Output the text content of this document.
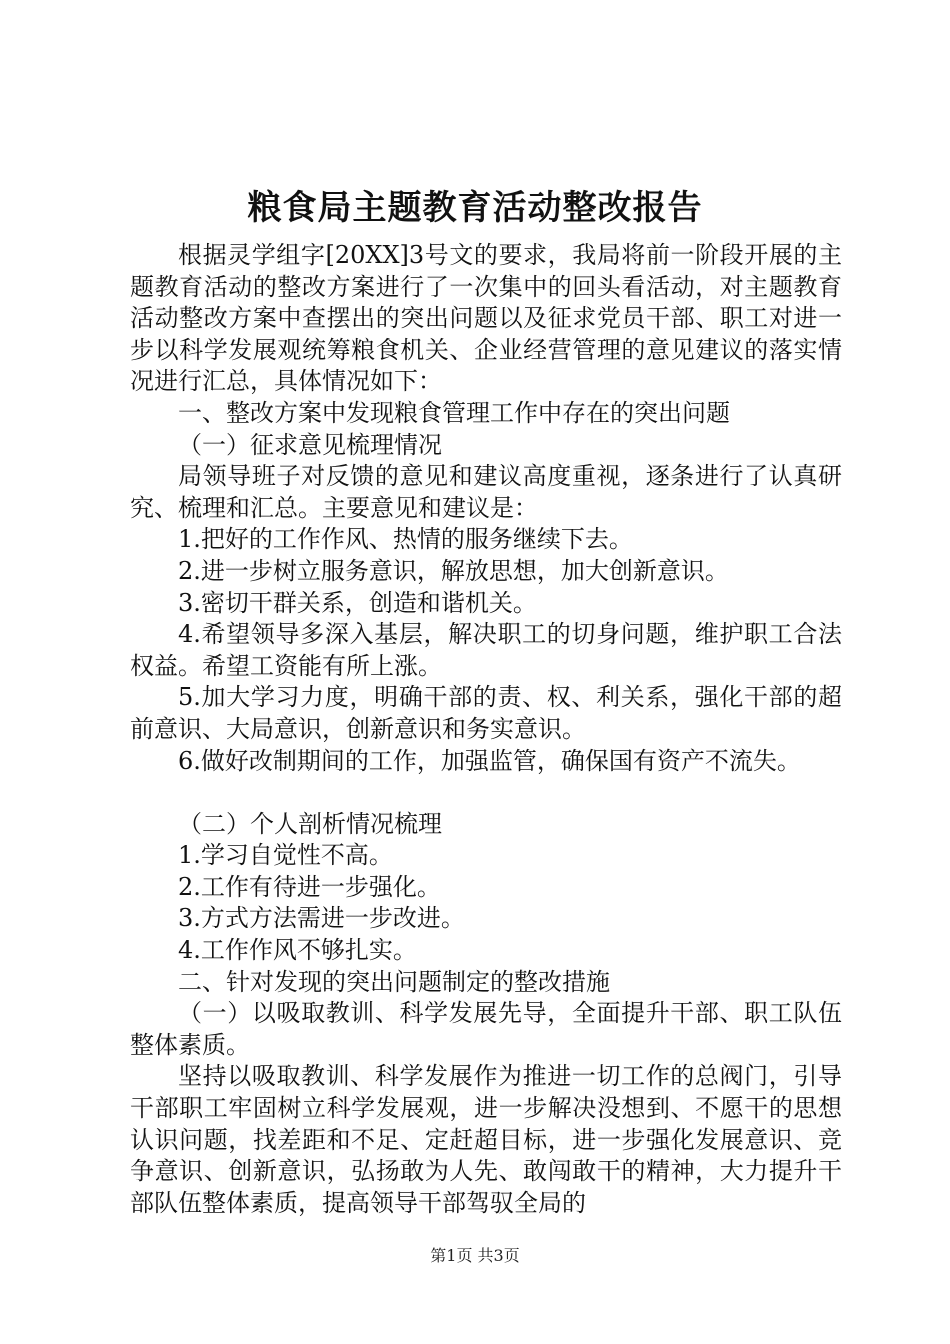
粮食局主题教育活动整改报告

根据灵学组字[20XX]3号文的要求，我局将前一阶段开展的主题教育活动的整改方案进行了一次集中的回头看活动，对主题教育活动整改方案中查摆出的突出问题以及征求党员干部、职工对进一步以科学发展观统筹粮食机关、企业经营管理的意见建议的落实情况进行汇总，具体情况如下：

一、整改方案中发现粮食管理工作中存在的突出问题

（一）征求意见梳理情况

局领导班子对反馈的意见和建议高度重视，逐条进行了认真研究、梳理和汇总。主要意见和建议是：

1.把好的工作作风、热情的服务继续下去。

2.进一步树立服务意识，解放思想，加大创新意识。

3.密切干群关系，创造和谐机关。

4.希望领导多深入基层，解决职工的切身问题，维护职工合法权益。希望工资能有所上涨。

5.加大学习力度，明确干部的责、权、利关系，强化干部的超前意识、大局意识，创新意识和务实意识。

6.做好改制期间的工作，加强监管，确保国有资产不流失。

（二）个人剖析情况梳理

1.学习自觉性不高。

2.工作有待进一步强化。

3.方式方法需进一步改进。

4.工作作风不够扎实。

二、针对发现的突出问题制定的整改措施

（一）以吸取教训、科学发展先导，全面提升干部、职工队伍整体素质。

坚持以吸取教训、科学发展作为推进一切工作的总阀门，引导干部职工牢固树立科学发展观，进一步解决没想到、不愿干的思想认识问题，找差距和不足、定赶超目标，进一步强化发展意识、竞争意识、创新意识，弘扬敢为人先、敢闯敢干的精神，大力提升干部队伍整体素质，提高领导干部驾驭全局的

第1页 共3页
